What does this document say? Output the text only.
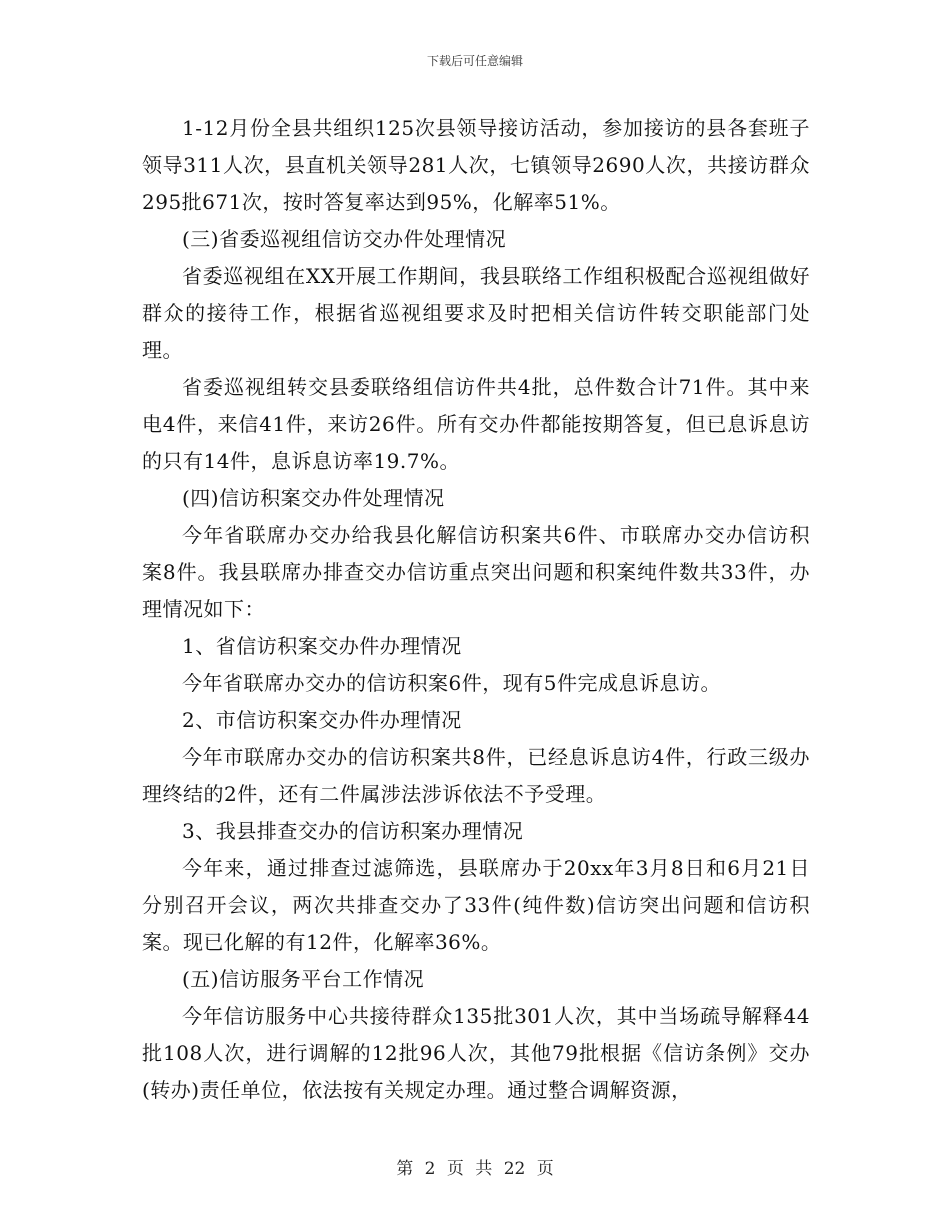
下载后可任意编辑

1-12月份全县共组织125次县领导接访活动，参加接访的县各套班子领导311人次，县直机关领导281人次，七镇领导2690人次，共接访群众295批671次，按时答复率达到95%，化解率51%。

(三)省委巡视组信访交办件处理情况

省委巡视组在XX开展工作期间，我县联络工作组积极配合巡视组做好群众的接待工作，根据省巡视组要求及时把相关信访件转交职能部门处理。

省委巡视组转交县委联络组信访件共4批，总件数合计71件。其中来电4件，来信41件，来访26件。所有交办件都能按期答复，但已息诉息访的只有14件，息诉息访率19.7%。

(四)信访积案交办件处理情况

今年省联席办交办给我县化解信访积案共6件、市联席办交办信访积案8件。我县联席办排查交办信访重点突出问题和积案纯件数共33件，办理情况如下：

1、省信访积案交办件办理情况

今年省联席办交办的信访积案6件，现有5件完成息诉息访。

2、市信访积案交办件办理情况

今年市联席办交办的信访积案共8件，已经息诉息访4件，行政三级办理终结的2件，还有二件属涉法涉诉依法不予受理。

3、我县排查交办的信访积案办理情况

今年来，通过排查过滤筛选，县联席办于20xx年3月8日和6月21日分别召开会议，两次共排查交办了33件(纯件数)信访突出问题和信访积案。现已化解的有12件，化解率36%。

(五)信访服务平台工作情况

今年信访服务中心共接待群众135批301人次，其中当场疏导解释44批108人次，进行调解的12批96人次，其他79批根据《信访条例》交办(转办)责任单位，依法按有关规定办理。通过整合调解资源，

第 2 页 共 22 页
